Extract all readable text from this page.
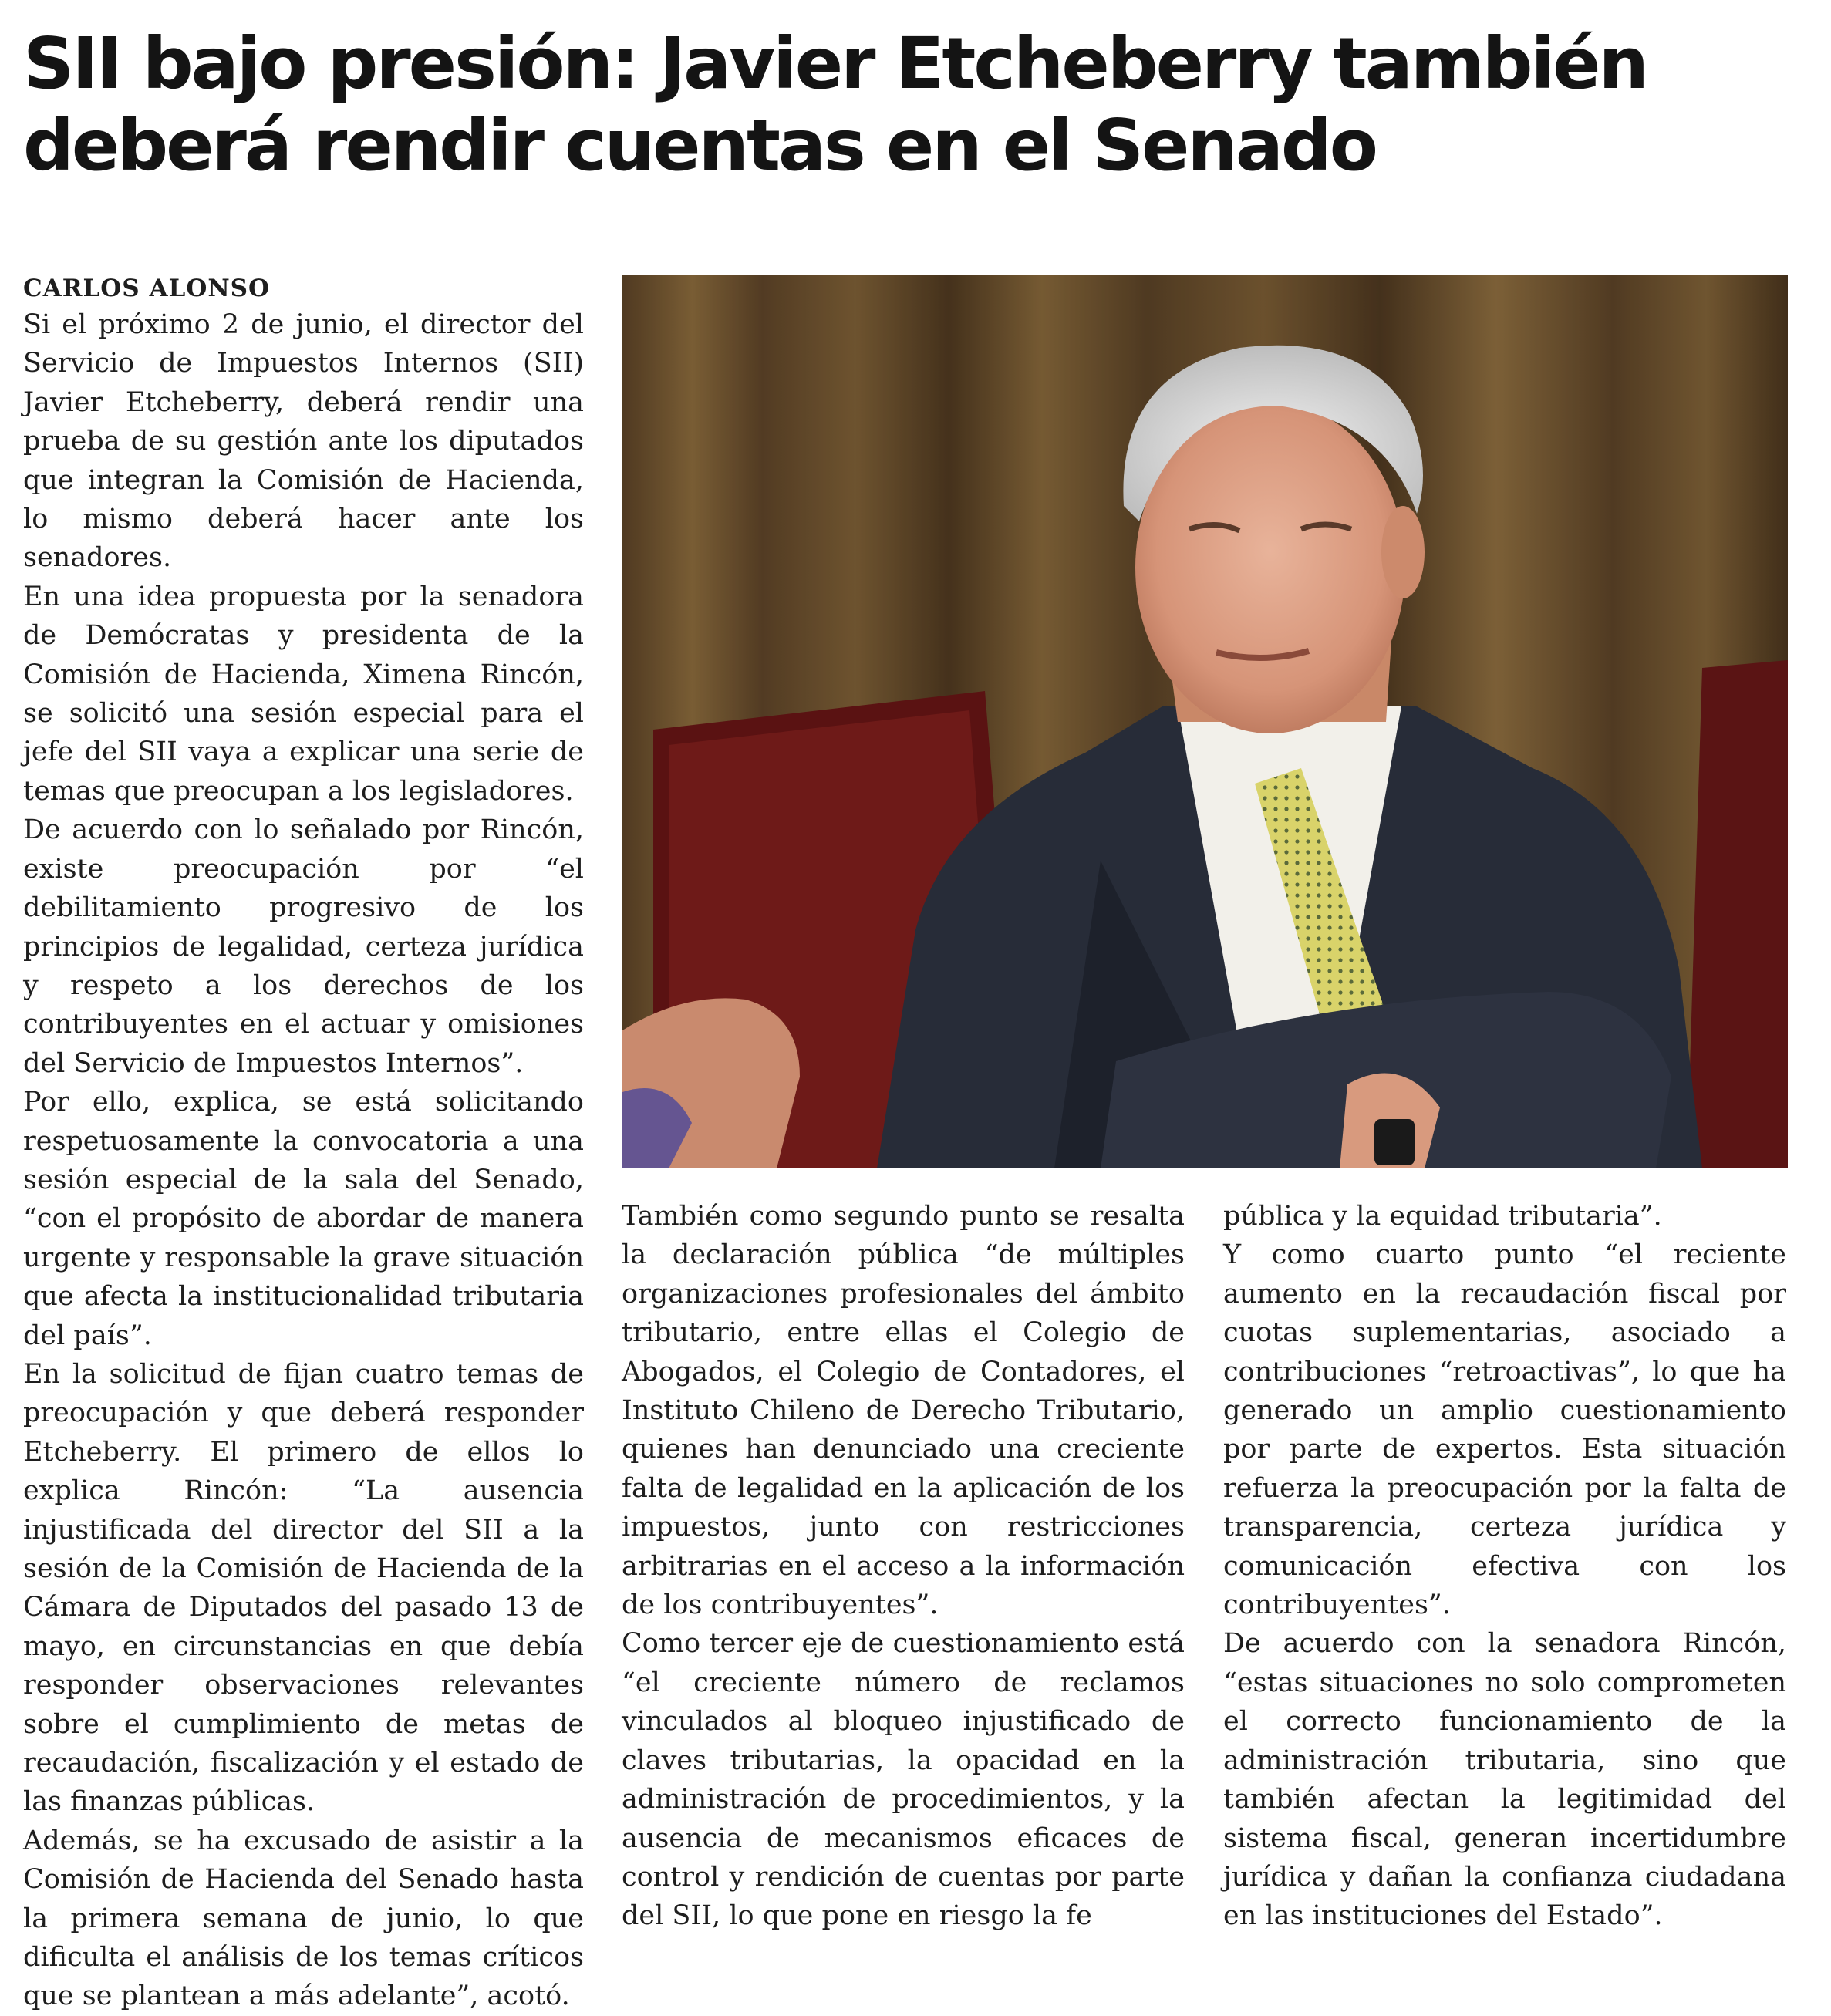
SII bajo presión: Javier Etcheberry también
deberá rendir cuentas en el Senado
CARLOS ALONSO

Si el próximo 2 de junio, el director del Servicio de Impuestos Internos (SII) Javier Etcheberry, deberá rendir una prueba de su gestión ante los diputados que integran la Comisión de Hacienda, lo mismo deberá hacer ante los senadores.

En una idea propuesta por la senadora de Demócratas y presidenta de la Comisión de Hacienda, Ximena Rincón, se solicitó una sesión especial para el jefe del SII vaya a explicar una serie de temas que preocupan a los legisladores.

De acuerdo con lo señalado por Rincón, existe preocupación por “el debilitamiento progresivo de los principios de legalidad, certeza jurídica y respeto a los derechos de los contribuyentes en el actuar y omisiones del Servicio de Impuestos Internos”.

Por ello, explica, se está solicitando respetuosamente la convocatoria a una sesión especial de la sala del Senado, “con el propósito de abordar de manera urgente y responsable la grave situación que afecta la institucionalidad tributaria del país”.

En la solicitud de fijan cuatro temas de preocupación y que deberá responder Etcheberry. El primero de ellos lo explica Rincón: “La ausencia injustificada del director del SII a la sesión de la Comisión de Hacienda de la Cámara de Diputados del pasado 13 de mayo, en circunstancias en que debía responder observaciones relevantes sobre el cumplimiento de metas de recaudación, fiscalización y el estado de las finanzas públicas.

Además, se ha excusado de asistir a la Comisión de Hacienda del Senado hasta la primera semana de junio, lo que dificulta el análisis de los temas críticos que se plantean a más adelante”, acotó.

También como segundo punto se resalta la declaración pública “de múltiples organizaciones profesionales del ámbito tributario, entre ellas el Colegio de Abogados, el Colegio de Contadores, el Instituto Chileno de Derecho Tributario, quienes han denunciado una creciente falta de legalidad en la aplicación de los impuestos, junto con restricciones arbitrarias en el acceso a la información de los contribuyentes”.

Como tercer eje de cuestionamiento está “el creciente número de reclamos vinculados al bloqueo injustificado de claves tributarias, la opacidad en la administración de procedimientos, y la ausencia de mecanismos eficaces de control y rendición de cuentas por parte del SII, lo que pone en riesgo la fe

pública y la equidad tributaria”.

Y como cuarto punto “el reciente aumento en la recaudación fiscal por cuotas suplementarias, asociado a contribuciones “retroactivas”, lo que ha generado un amplio cuestionamiento por parte de expertos. Esta situación refuerza la preocupación por la falta de transparencia, certeza jurídica y comunicación efectiva con los contribuyentes”.

De acuerdo con la senadora Rincón, “estas situaciones no solo comprometen el correcto funcionamiento de la administración tributaria, sino que también afectan la legitimidad del sistema fiscal, generan incertidumbre jurídica y dañan la confianza ciudadana en las instituciones del Estado”.
